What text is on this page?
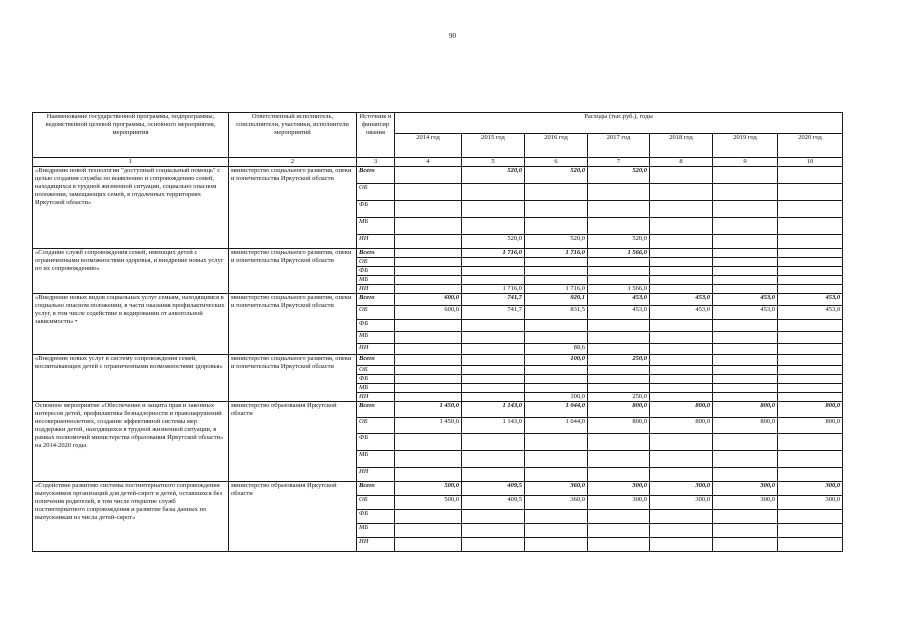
90
Наименование государственной программы, подпрограммы, ведомственной целевой программы, основного мероприятия, мероприятия	Ответственный исполнитель, соисполнители, участники, исполнители мероприятий	Источник и финансир ования	Расходы (тыс.руб.), годы						
			2014 год	2015 год	2016 год	2017 год	2018 год	2019 год	2020 год
1	2	3	4	5	6	7	8	9	10
«Внедрение новой технологии "доступный социальный помощь" с целью создания службы по выявлению и сопровождению семей, находящихся в трудной жизненной ситуации, социально опасном положении, замещающих семей, в отдаленных территориях Иркутской области»	министерство социального развития, опеки и попечительства Иркутской области	Всего		520,0	520,0	520,0			
		ОБ							
		ФБ							
		МБ							
		ИИ		520,0	520,0	520,0			
«Создание служб сопровождения семей, имеющих детей с ограниченными возможностями здоровья, и внедрение новых услуг по их сопровождению»	министерство социального развития, опеки и попечительства Иркутской области	Всего		1 716,0	1 716,0	1 566,0			
		ОБ							
		ФБ							
		МБ							
		ИИ		1 716,0	1 716,0	1 566,0			
«Внедрение новых видов социальных услуг семьям, находящимся в социально опасном положении, в части оказания профилактических услуг, в том числе содействие в кодировании от алкогольной зависимости» •	министерство социального развития, опеки и попечительства Иркутской области	Всего	600,0	741,7	920,1	453,0	453,0	453,0	453,0
		ОБ	600,0	741,7	831,5	453,0	453,0	453,0	453,0
		ФБ							
		МБ							
		ИИ			88,6				
«Внедрение новых услуг в систему сопровождения семей, воспитывающих детей с ограниченными возможностями здоровья»	министерство социального развития, опеки и попечительства Иркутской области	Всего			100,0	250,0			
		ОБ							
		ФБ							
		МБ							
		ИИ			100,0	250,0			
Основное мероприятие «Обеспечение и защита прав и законных интересов детей, профилактика безнадзорности и правонарушений несовершеннолетних, создание эффективной системы мер поддержки детей, находящихся в трудной жизненной ситуации, в рамках полномочий министерства образования Иркутской области» на 2014-2020 годы	министерство образования Иркутской области	Всего	1 450,0	1 143,0	1 044,0	800,0	800,0	800,0	800,0
		ОБ	1 450,0	1 143,0	1 044,0	800,0	800,0	800,0	800,0
		ФБ							
		МБ							
		ИИ							
«Содействие развитию системы постинтернатного сопровождения выпускников организаций для детей-сирот и детей, оставшихся без попечения родителей, в том числе открытие служб постинтернатного сопровождения и развитие базы данных по выпускникам из числа детей-сирот»	министерство образования Иркутской области	Всего	500,0	409,5	360,0	300,0	300,0	300,0	300,0
		ОБ	500,0	409,5	360,0	300,0	300,0	300,0	300,0
		ФБ							
		МБ							
		ИИ							
